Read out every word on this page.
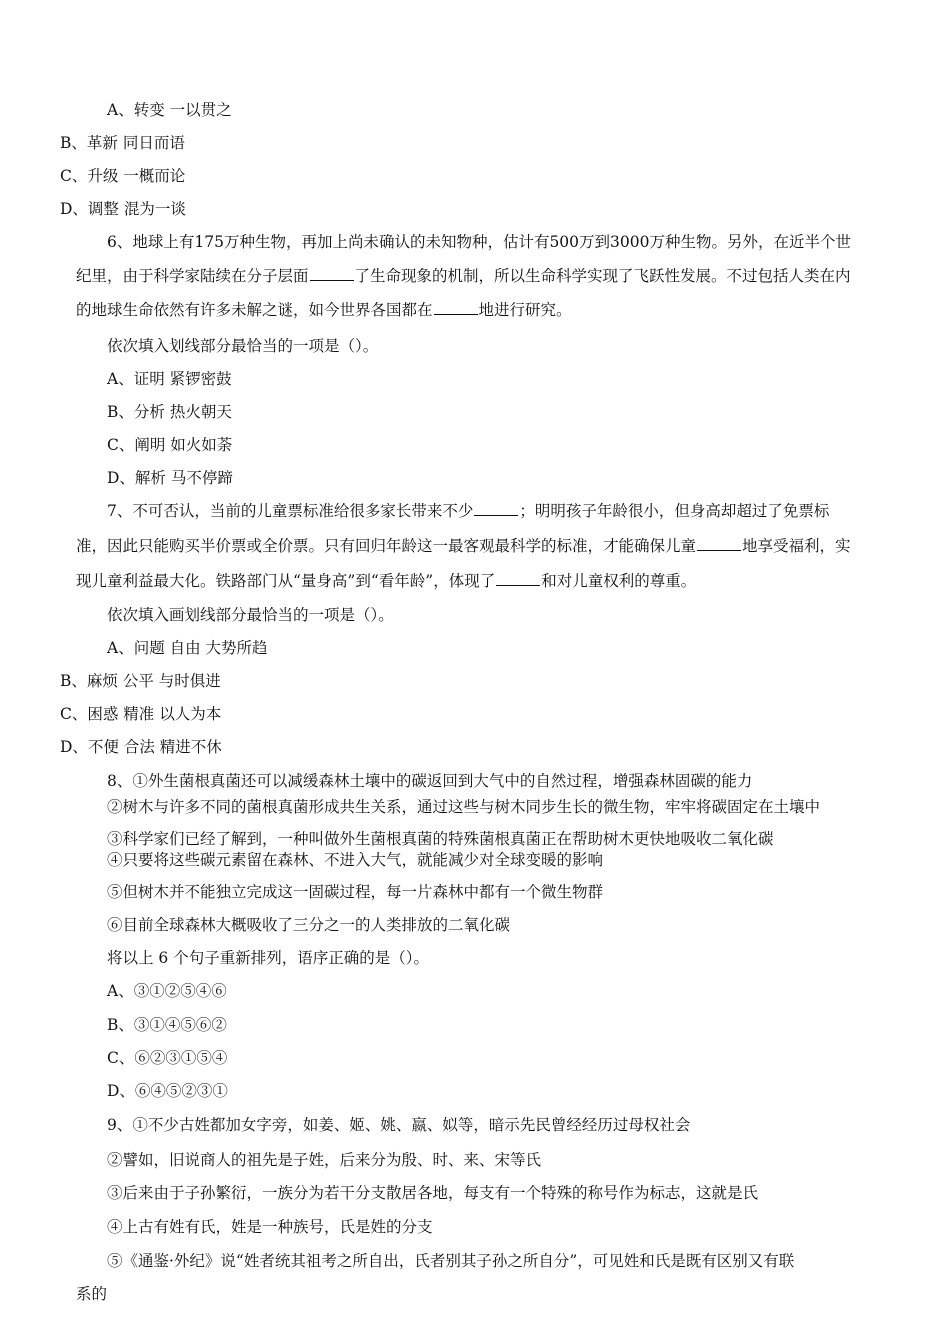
A、转变 一以贯之
B、革新 同日而语
C、升级 一概而论
D、调整 混为一谈
6、地球上有175万种生物，再加上尚未确认的未知物种，估计有500万到3000万种生物。另外，在近半个世
纪里，由于科学家陆续在分子层面	了生命现象的机制，所以生命科学实现了飞跃性发展。不过包括人类在内
的地球生命依然有许多未解之谜，如今世界各国都在	地进行研究。
依次填入划线部分最恰当的一项是（）。
A、证明 紧锣密鼓
B、分析 热火朝天
C、阐明 如火如荼
D、解析 马不停蹄
7、不可否认，当前的儿童票标准给很多家长带来不少	；明明孩子年龄很小，但身高却超过了免票标
准，因此只能购买半价票或全价票。只有回归年龄这一最客观最科学的标准，才能确保儿童	地享受福利，实
现儿童利益最大化。铁路部门从“量身高”到“看年龄”，体现了	和对儿童权利的尊重。
依次填入画划线部分最恰当的一项是（）。
A、问题 自由 大势所趋
B、麻烦 公平 与时俱进
C、困惑 精准 以人为本
D、不便 合法 精进不休
8、①外生菌根真菌还可以减缓森林土壤中的碳返回到大气中的自然过程，增强森林固碳的能力
②树木与许多不同的菌根真菌形成共生关系，通过这些与树木同步生长的微生物，牢牢将碳固定在土壤中
③科学家们已经了解到，一种叫做外生菌根真菌的特殊菌根真菌正在帮助树木更快地吸收二氧化碳
④只要将这些碳元素留在森林、不进入大气，就能减少对全球变暖的影响
⑤但树木并不能独立完成这一固碳过程，每一片森林中都有一个微生物群
⑥目前全球森林大概吸收了三分之一的人类排放的二氧化碳
将以上 6 个句子重新排列，语序正确的是（）。
A、③①②⑤④⑥
B、③①④⑤⑥②
C、⑥②③①⑤④
D、⑥④⑤②③①
9、①不少古姓都加女字旁，如姜、姬、姚、嬴、姒等，暗示先民曾经经历过母权社会
②譬如，旧说商人的祖先是子姓，后来分为殷、时、来、宋等氏
③后来由于子孙繁衍，一族分为若干分支散居各地，每支有一个特殊的称号作为标志，这就是氏
④上古有姓有氏，姓是一种族号，氏是姓的分支
⑤《通鉴·外纪》说“姓者统其祖考之所自出，氏者别其子孙之所自分”，可见姓和氏是既有区别又有联
系的
